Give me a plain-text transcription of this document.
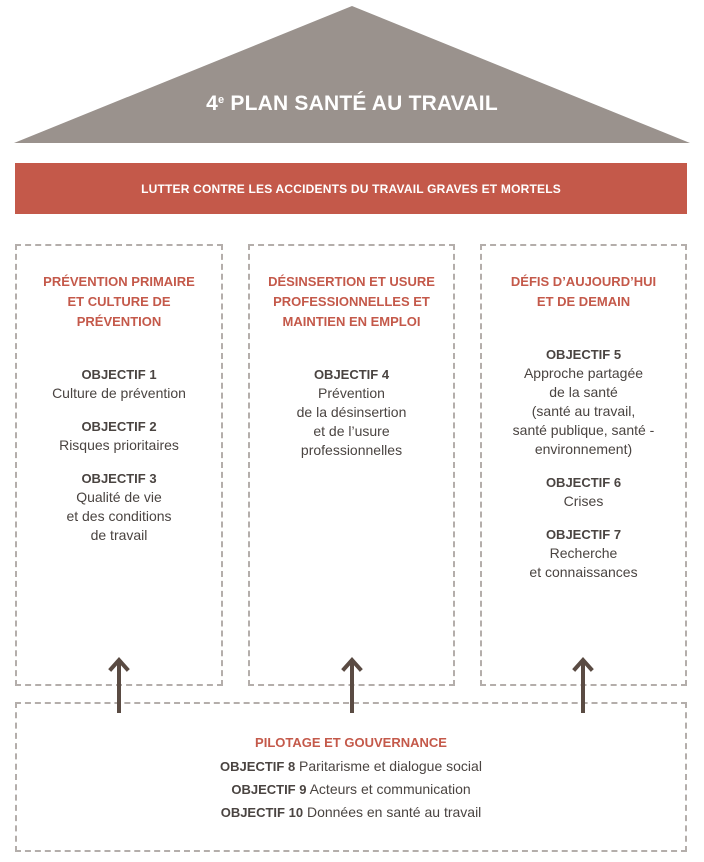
4e PLAN SANTÉ AU TRAVAIL
LUTTER CONTRE LES ACCIDENTS DU TRAVAIL GRAVES ET MORTELS
PRÉVENTION PRIMAIRE
ET CULTURE DE
PRÉVENTION
OBJECTIF 1
Culture de prévention
OBJECTIF 2
Risques prioritaires
OBJECTIF 3
Qualité de vie
et des conditions
de travail
DÉSINSERTION ET USURE
PROFESSIONNELLES ET
MAINTIEN EN EMPLOI
OBJECTIF 4
Prévention
de la désinsertion
et de l’usure
professionnelles
DÉFIS D’AUJOURD’HUI
ET DE DEMAIN
OBJECTIF 5
Approche partagée
de la santé
(santé au travail,
santé publique, santé -
environnement)
OBJECTIF 6
Crises
OBJECTIF 7
Recherche
et connaissances
PILOTAGE ET GOUVERNANCE
OBJECTIF 8 Paritarisme et dialogue social
OBJECTIF 9 Acteurs et communication
OBJECTIF 10 Données en santé au travail
